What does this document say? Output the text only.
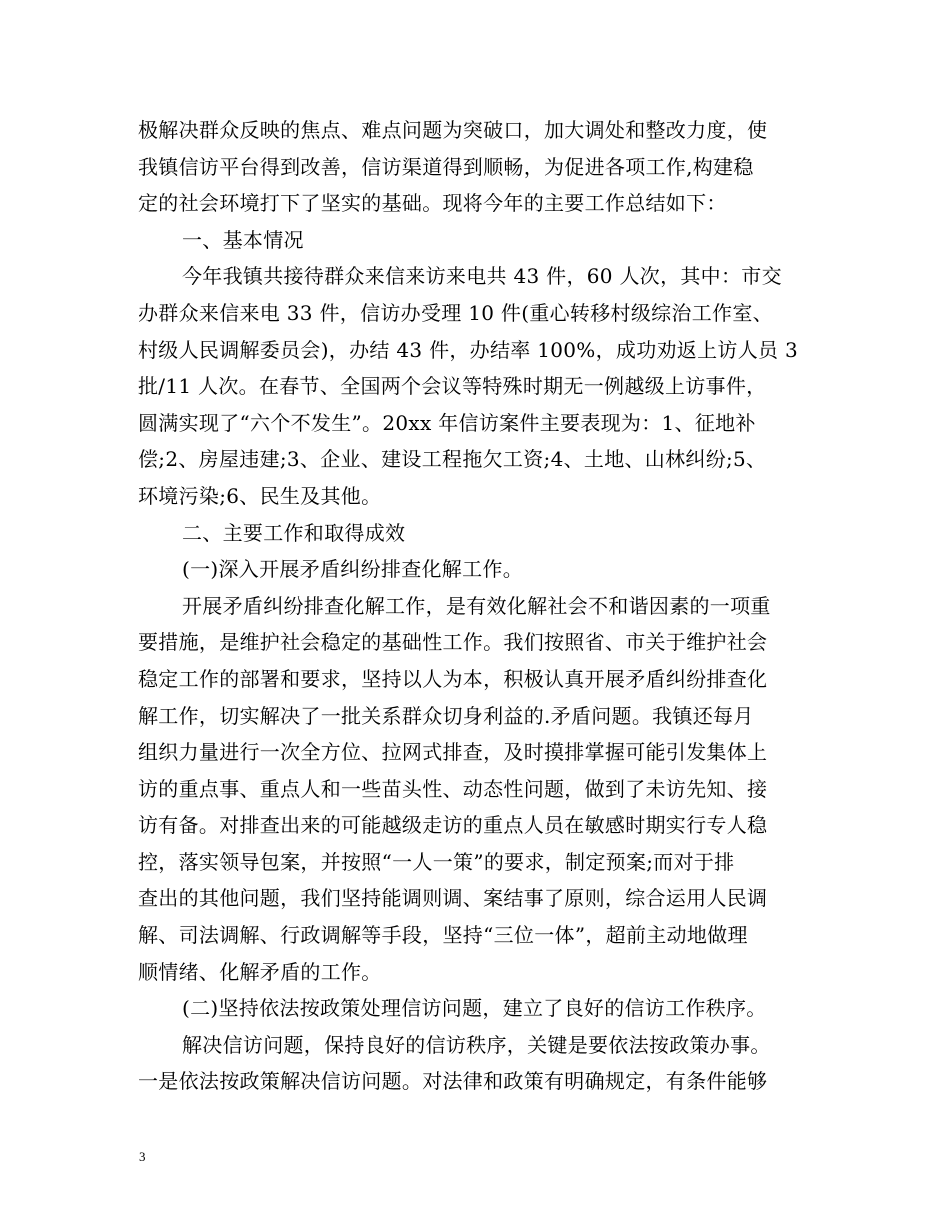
极解决群众反映的焦点、难点问题为突破口，加大调处和整改力度，使
我镇信访平台得到改善，信访渠道得到顺畅，为促进各项工作,构建稳
定的社会环境打下了坚实的基础。现将今年的主要工作总结如下：
一、基本情况
今年我镇共接待群众来信来访来电共 43 件，60 人次，其中：市交
办群众来信来电 33 件，信访办受理 10 件(重心转移村级综治工作室、
村级人民调解委员会)，办结 43 件，办结率 100%，成功劝返上访人员 3
批/11 人次。在春节、全国两个会议等特殊时期无一例越级上访事件，
圆满实现了“六个不发生”。20xx 年信访案件主要表现为：1、征地补
偿;2、房屋违建;3、企业、建设工程拖欠工资;4、土地、山林纠纷;5、
环境污染;6、民生及其他。
二、主要工作和取得成效
(一)深入开展矛盾纠纷排查化解工作。
开展矛盾纠纷排查化解工作，是有效化解社会不和谐因素的一项重
要措施，是维护社会稳定的基础性工作。我们按照省、市关于维护社会
稳定工作的部署和要求，坚持以人为本，积极认真开展矛盾纠纷排查化
解工作，切实解决了一批关系群众切身利益的.矛盾问题。我镇还每月
组织力量进行一次全方位、拉网式排查，及时摸排掌握可能引发集体上
访的重点事、重点人和一些苗头性、动态性问题，做到了未访先知、接
访有备。对排查出来的可能越级走访的重点人员在敏感时期实行专人稳
控，落实领导包案，并按照“一人一策”的要求，制定预案;而对于排
查出的其他问题，我们坚持能调则调、案结事了原则，综合运用人民调
解、司法调解、行政调解等手段，坚持“三位一体”，超前主动地做理
顺情绪、化解矛盾的工作。
(二)坚持依法按政策处理信访问题，建立了良好的信访工作秩序。
解决信访问题，保持良好的信访秩序，关键是要依法按政策办事。
一是依法按政策解决信访问题。对法律和政策有明确规定，有条件能够
3
